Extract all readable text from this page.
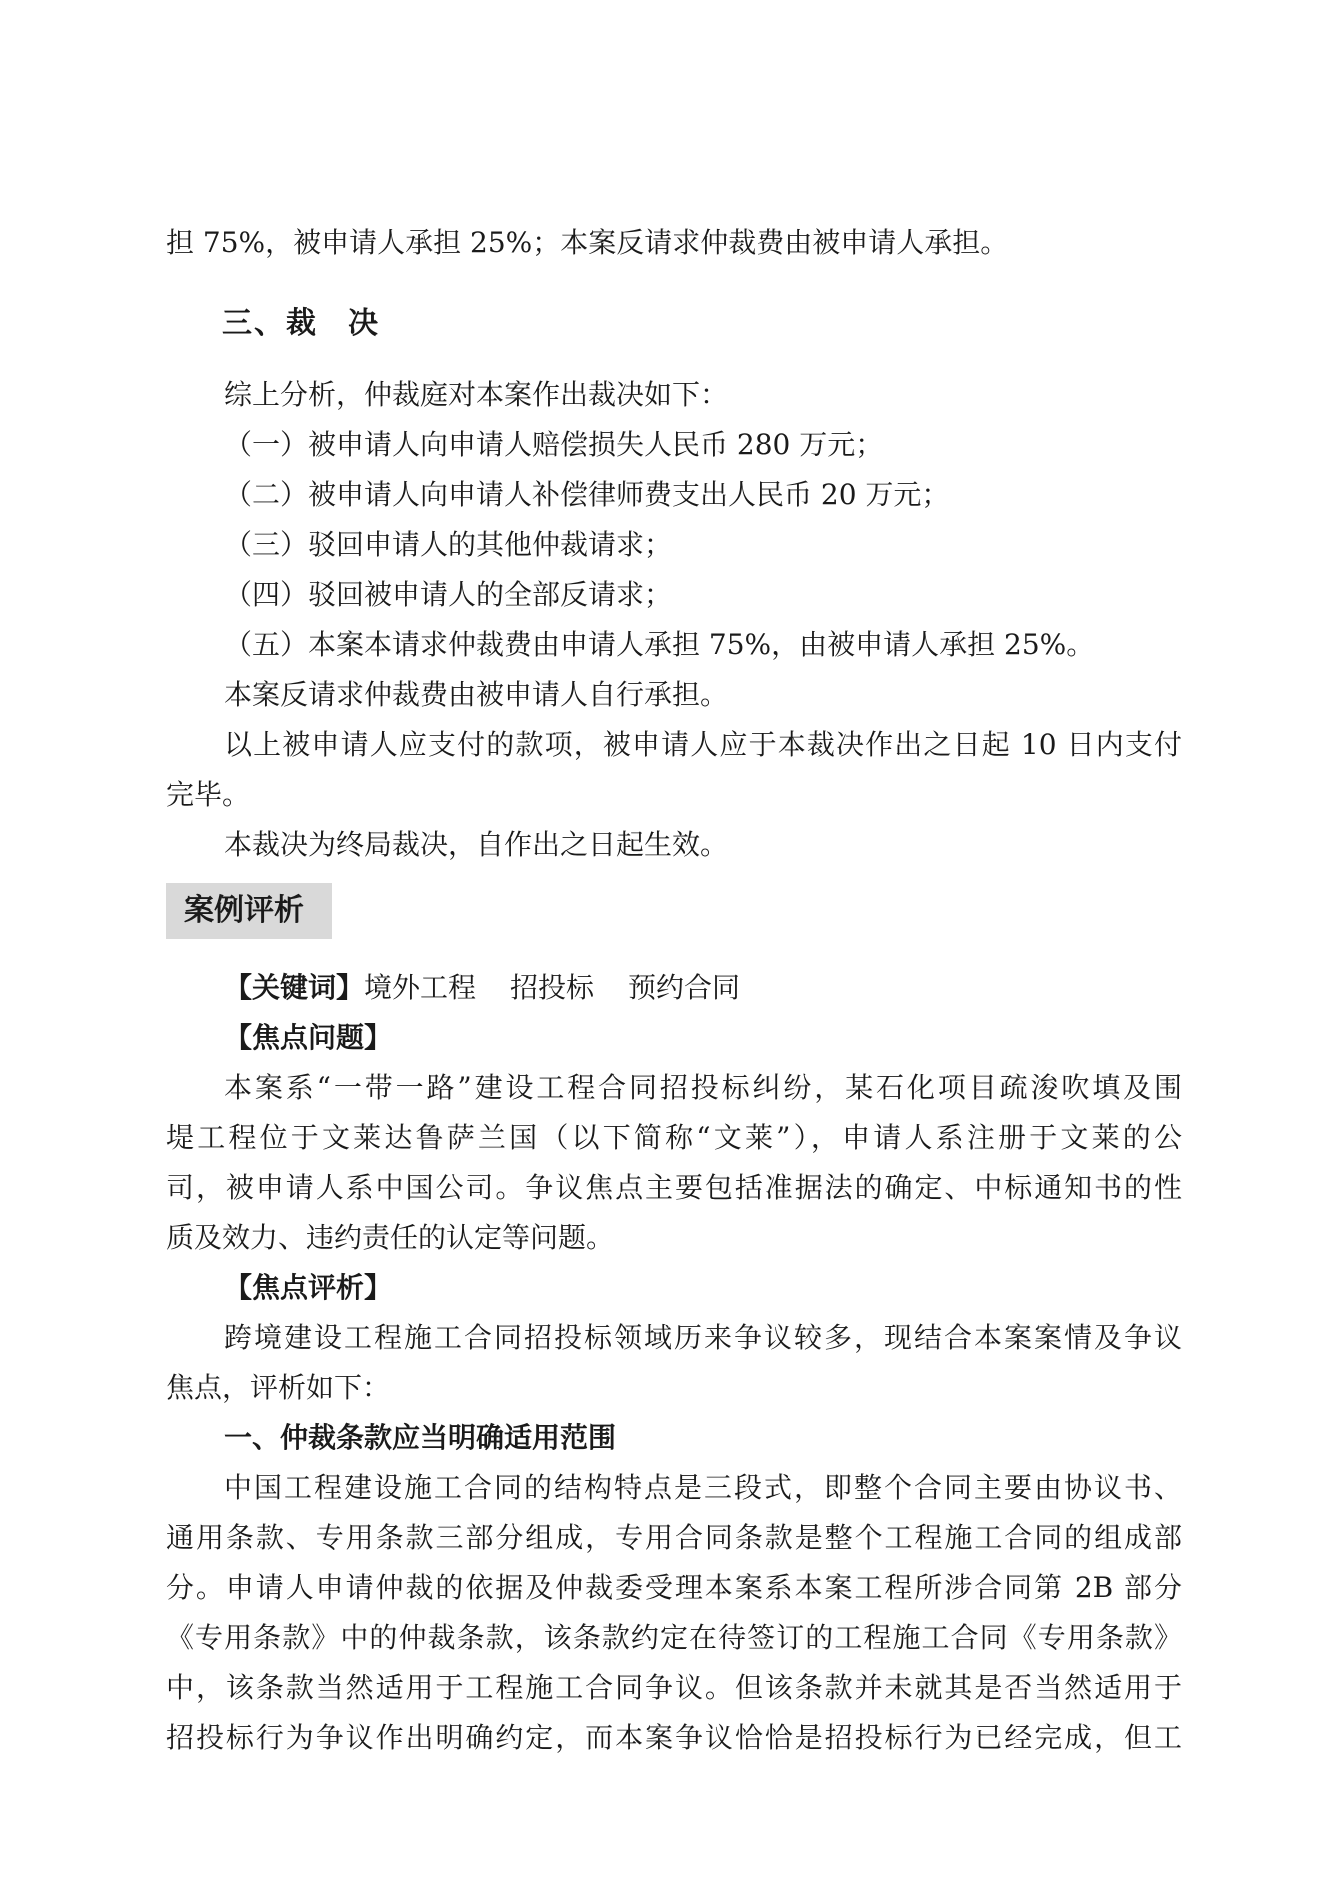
担 75%，被申请人承担 25%；本案反请求仲裁费由被申请人承担。
三、裁 决
综上分析，仲裁庭对本案作出裁决如下：
（一）被申请人向申请人赔偿损失人民币 280 万元；
（二）被申请人向申请人补偿律师费支出人民币 20 万元；
（三）驳回申请人的其他仲裁请求；
（四）驳回被申请人的全部反请求；
（五）本案本请求仲裁费由申请人承担 75%，由被申请人承担 25%。
本案反请求仲裁费由被申请人自行承担。
以上被申请人应支付的款项，被申请人应于本裁决作出之日起 10 日内支付
完毕。
本裁决为终局裁决，自作出之日起生效。
案例评析
【关键词】境外工程 招投标 预约合同
【焦点问题】
本案系“一带一路”建设工程合同招投标纠纷，某石化项目疏浚吹填及围
堤工程位于文莱达鲁萨兰国（以下简称“文莱”），申请人系注册于文莱的公
司，被申请人系中国公司。争议焦点主要包括准据法的确定、中标通知书的性
质及效力、违约责任的认定等问题。
【焦点评析】
跨境建设工程施工合同招投标领域历来争议较多，现结合本案案情及争议
焦点，评析如下：
一、仲裁条款应当明确适用范围
中国工程建设施工合同的结构特点是三段式，即整个合同主要由协议书、
通用条款、专用条款三部分组成，专用合同条款是整个工程施工合同的组成部
分。申请人申请仲裁的依据及仲裁委受理本案系本案工程所涉合同第 2B 部分
《专用条款》中的仲裁条款，该条款约定在待签订的工程施工合同《专用条款》
中，该条款当然适用于工程施工合同争议。但该条款并未就其是否当然适用于
招投标行为争议作出明确约定，而本案争议恰恰是招投标行为已经完成，但工
